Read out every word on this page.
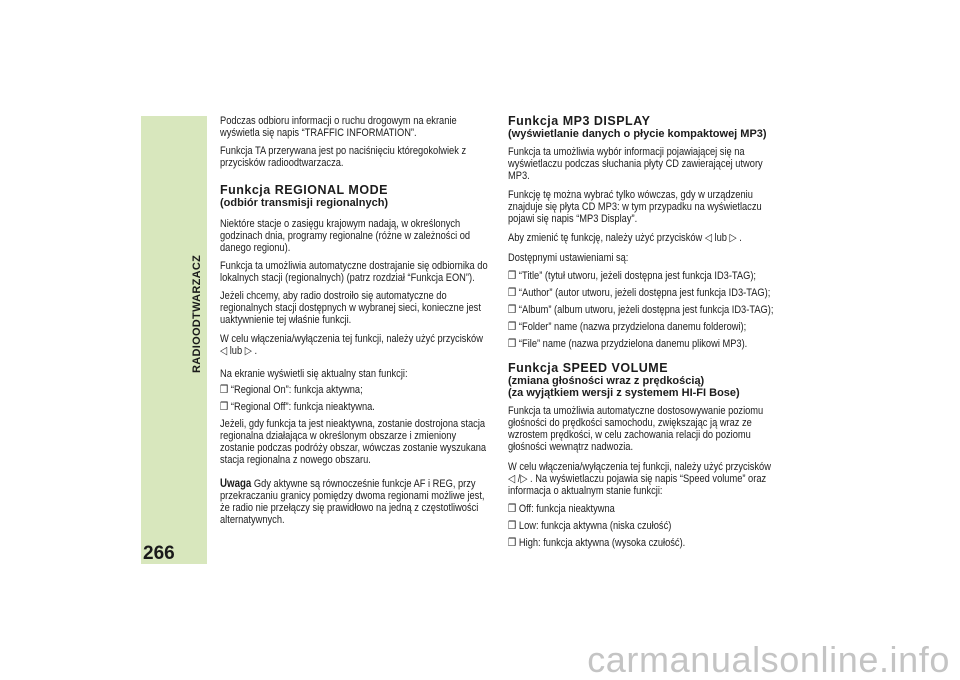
RADIOODTWARZACZ
266

Podczas odbioru informacji o ruchu drogowym na ekranie wyświetla się napis “TRAFFIC INFORMATION”.

Funkcja TA przerywana jest po naciśnięciu któregokolwiek z przycisków radioodtwarzacza.

Funkcja REGIONAL MODE
(odbiór transmisji regionalnych)

Niektóre stacje o zasięgu krajowym nadają, w określonych godzinach dnia, programy regionalne (różne w zależności od danego regionu).

Funkcja ta umożliwia automatyczne dostrajanie się odbiornika do lokalnych stacji (regionalnych) (patrz rozdział “Funkcja EON”).

Jeżeli chcemy, aby radio dostroiło się automatyczne do regionalnych stacji dostępnych w wybranej sieci, konieczne jest uaktywnienie tej właśnie funkcji.

W celu włączenia/wyłączenia tej funkcji, należy użyć przycisków ◁ lub ▷ .

Na ekranie wyświetli się aktualny stan funkcji:

❒ “Regional On”: funkcja aktywna;

❒ “Regional Off”: funkcja nieaktywna.

Jeżeli, gdy funkcja ta jest nieaktywna, zostanie dostrojona stacja regionalna działająca w określonym obszarze i zmieniony zostanie podczas podróży obszar, wówczas zostanie wyszukana stacja regionalna z nowego obszaru.

Uwaga Gdy aktywne są równocześnie funkcje AF i REG, przy przekraczaniu granicy pomiędzy dwoma regionami możliwe jest, że radio nie przełączy się prawidłowo na jedną z częstotliwości alternatywnych.

Funkcja MP3 DISPLAY
(wyświetlanie danych o płycie kompaktowej MP3)

Funkcja ta umożliwia wybór informacji pojawiającej się na wyświetlaczu podczas słuchania płyty CD zawierającej utwory MP3.

Funkcję tę można wybrać tylko wówczas, gdy w urządzeniu znajduje się płyta CD MP3: w tym przypadku na wyświetlaczu pojawi się napis “MP3 Display”.

Aby zmienić tę funkcję, należy użyć przycisków ◁ lub ▷ .

Dostępnymi ustawieniami są:

❒ “Title” (tytuł utworu, jeżeli dostępna jest funkcja ID3-TAG);

❒ “Author” (autor utworu, jeżeli dostępna jest funkcja ID3-TAG);

❒ “Album” (album utworu, jeżeli dostępna jest funkcja ID3-TAG);

❒ “Folder” name (nazwa przydzielona danemu folderowi);

❒ “File” name (nazwa przydzielona danemu plikowi MP3).

Funkcja SPEED VOLUME
(zmiana głośności wraz z prędkością)
(za wyjątkiem wersji z systemem HI-FI Bose)

Funkcja ta umożliwia automatyczne dostosowywanie poziomu głośności do prędkości samochodu, zwiększając ją wraz ze wzrostem prędkości, w celu zachowania relacji do poziomu głośności wewnątrz nadwozia.

W celu włączenia/wyłączenia tej funkcji, należy użyć przycisków ◁ /▷ . Na wyświetlaczu pojawia się napis “Speed volume” oraz informacja o aktualnym stanie funkcji:

❒ Off: funkcja nieaktywna

❒ Low: funkcja aktywna (niska czułość)

❒ High: funkcja aktywna (wysoka czułość).

carmanualsonline.info
